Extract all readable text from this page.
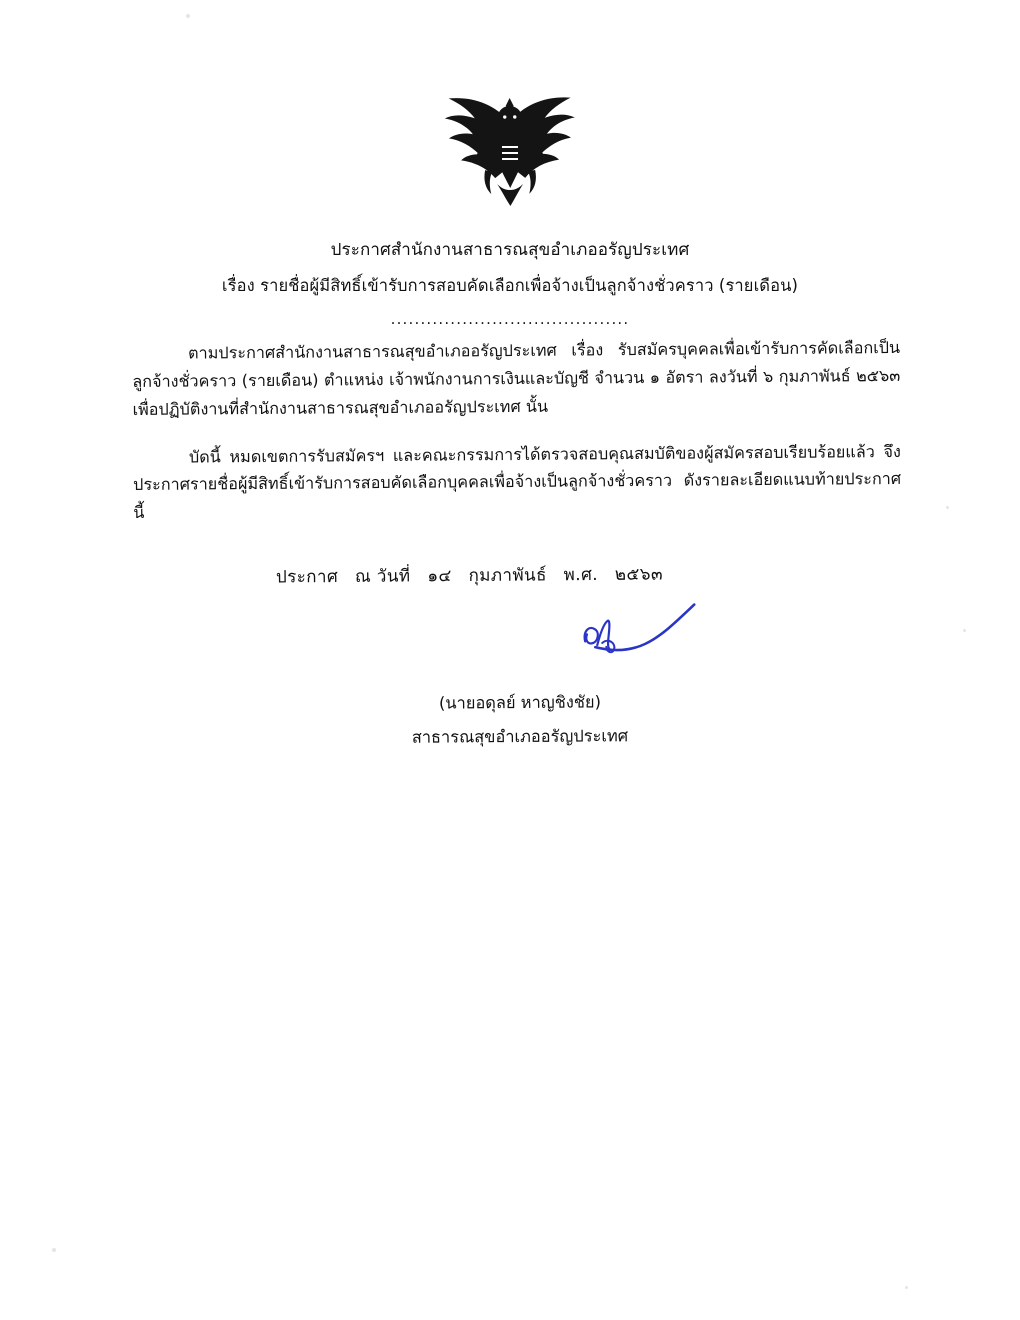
ประกาศสำนักงานสาธารณสุขอำเภออรัญประเทศ
เรื่อง รายชื่อผู้มีสิทธิ์เข้ารับการสอบคัดเลือกเพื่อจ้างเป็นลูกจ้างชั่วคราว (รายเดือน)
........................................

ตามประกาศสำนักงานสาธารณสุขอำเภออรัญประเทศ เรื่อง รับสมัครบุคคลเพื่อเข้ารับการคัดเลือกเป็นลูกจ้างชั่วคราว (รายเดือน) ตำแหน่ง เจ้าพนักงานการเงินและบัญชี จำนวน ๑ อัตรา ลงวันที่ ๖ กุมภาพันธ์ ๒๕๖๓ เพื่อปฏิบัติงานที่สำนักงานสาธารณสุขอำเภออรัญประเทศ นั้น

บัดนี้ หมดเขตการรับสมัครฯ และคณะกรรมการได้ตรวจสอบคุณสมบัติของผู้สมัครสอบเรียบร้อยแล้ว จึงประกาศรายชื่อผู้มีสิทธิ์เข้ารับการสอบคัดเลือกบุคคลเพื่อจ้างเป็นลูกจ้างชั่วคราว ดังรายละเอียดแนบท้ายประกาศนี้

ประกาศ ณ วันที่ ๑๔ กุมภาพันธ์ พ.ศ. ๒๕๖๓
(นายอดุลย์ หาญชิงชัย)
สาธารณสุขอำเภออรัญประเทศ
